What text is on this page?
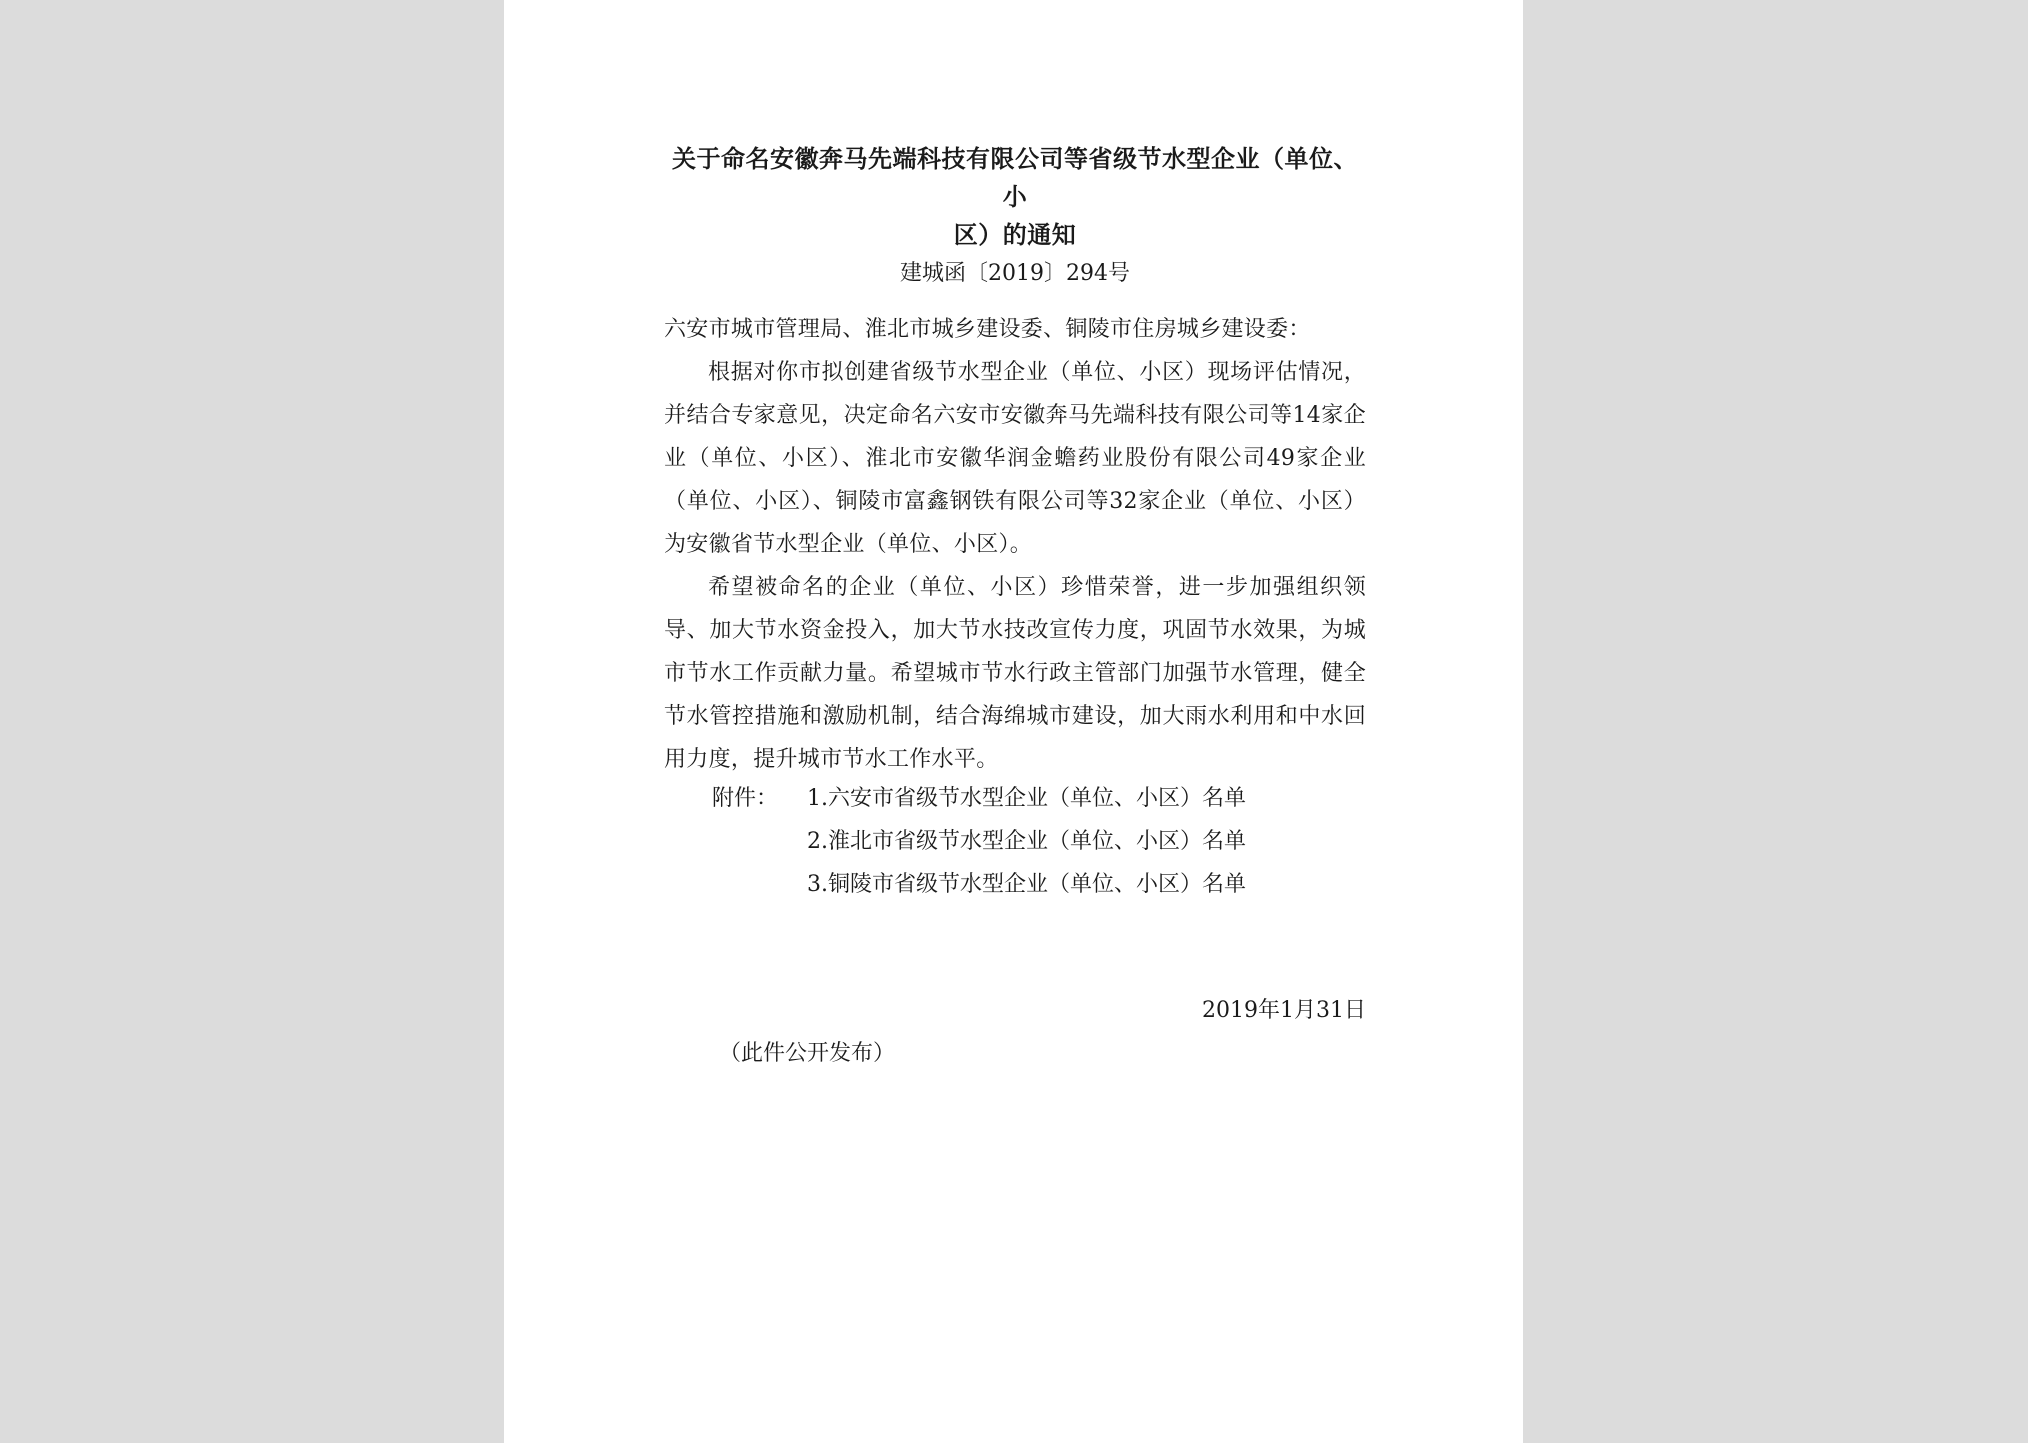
关于命名安徽奔马先端科技有限公司等省级节水型企业（单位、小
区）的通知
建城函〔2019〕294号
六安市城市管理局、淮北市城乡建设委、铜陵市住房城乡建设委：

根据对你市拟创建省级节水型企业（单位、小区）现场评估情况，并结合专家意见，决定命名六安市安徽奔马先端科技有限公司等14家企业（单位、小区）、淮北市安徽华润金蟾药业股份有限公司49家企业（单位、小区）、铜陵市富鑫钢铁有限公司等32家企业（单位、小区）为安徽省节水型企业（单位、小区）。

希望被命名的企业（单位、小区）珍惜荣誉，进一步加强组织领导、加大节水资金投入，加大节水技改宣传力度，巩固节水效果，为城市节水工作贡献力量。希望城市节水行政主管部门加强节水管理，健全节水管控措施和激励机制，结合海绵城市建设，加大雨水利用和中水回用力度，提升城市节水工作水平。

附件：	1.六安市省级节水型企业（单位、小区）名单
2.淮北市省级节水型企业（单位、小区）名单
3.铜陵市省级节水型企业（单位、小区）名单
2019年1月31日
（此件公开发布）
